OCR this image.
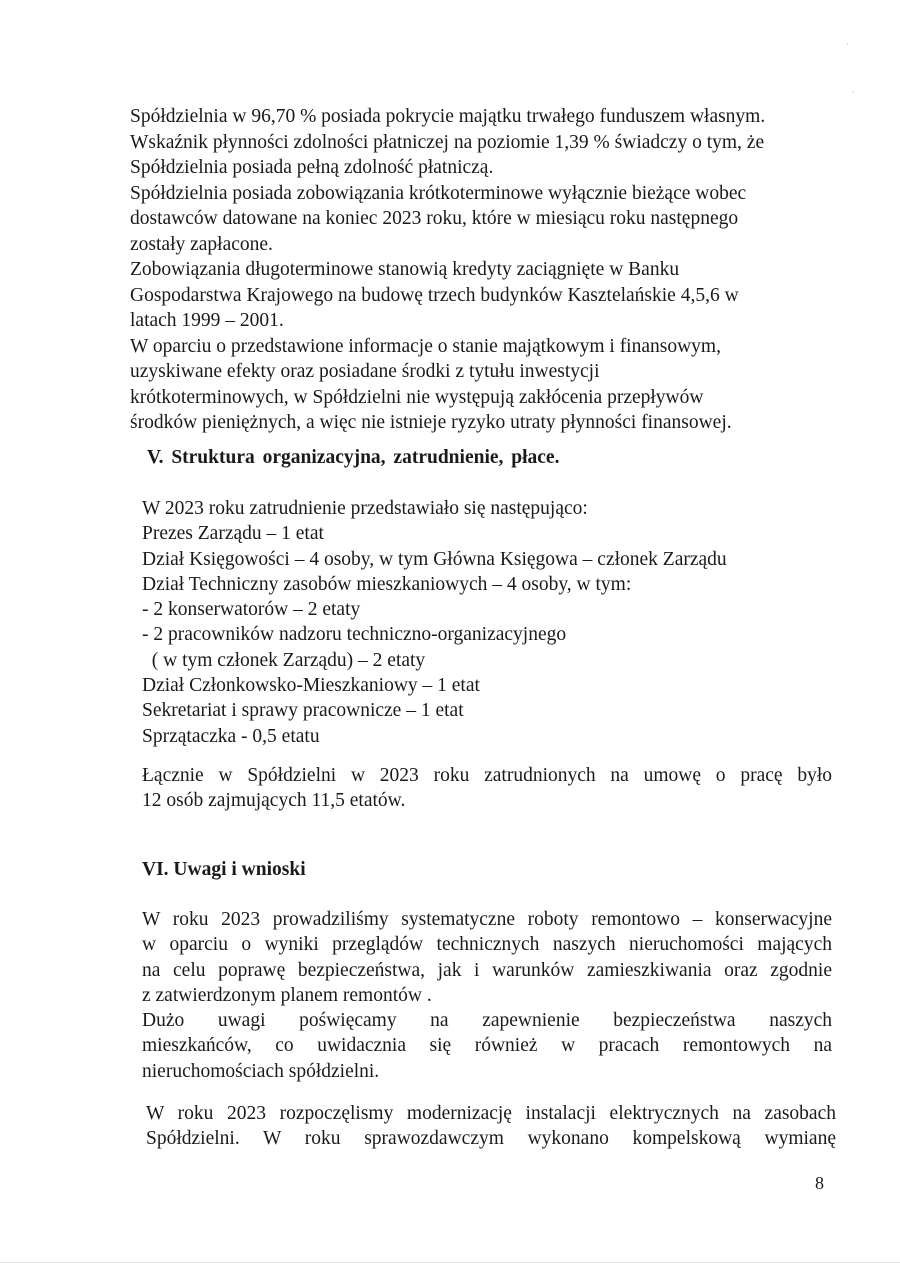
·
·
Spółdzielnia w 96,70 % posiada pokrycie majątku trwałego funduszem własnym.
Wskaźnik płynności zdolności płatniczej na poziomie 1,39 % świadczy o tym, że
Spółdzielnia posiada pełną zdolność płatniczą.
Spółdzielnia posiada zobowiązania krótkoterminowe wyłącznie bieżące wobec
dostawców datowane na koniec 2023 roku, które w miesiącu roku następnego
zostały zapłacone.
Zobowiązania długoterminowe stanowią kredyty zaciągnięte w Banku
Gospodarstwa Krajowego na budowę trzech budynków Kasztelańskie 4,5,6 w
latach 1999 – 2001.
W oparciu o przedstawione informacje o stanie majątkowym i finansowym,
uzyskiwane efekty oraz posiadane środki z tytułu inwestycji
krótkoterminowych, w Spółdzielni nie występują zakłócenia przepływów
środków pieniężnych, a więc nie istnieje ryzyko utraty płynności finansowej.
V. Struktura organizacyjna, zatrudnienie, płace.
W 2023 roku zatrudnienie przedstawiało się następująco:
Prezes Zarządu – 1 etat
Dział Księgowości – 4 osoby, w tym Główna Księgowa – członek Zarządu
Dział Techniczny zasobów mieszkaniowych – 4 osoby, w tym:
- 2 konserwatorów – 2 etaty
- 2 pracowników nadzoru techniczno-organizacyjnego
( w tym członek Zarządu) – 2 etaty
Dział Członkowsko-Mieszkaniowy – 1 etat
Sekretariat i sprawy pracownicze – 1 etat
Sprzątaczka - 0,5 etatu
Łącznie w Spółdzielni w 2023 roku zatrudnionych na umowę o pracę było
12 osób zajmujących 11,5 etatów.
VI. Uwagi i wnioski
W roku 2023 prowadziliśmy systematyczne roboty remontowo – konserwacyjne
w oparciu o wyniki przeglądów technicznych naszych nieruchomości mających
na celu poprawę bezpieczeństwa, jak i warunków zamieszkiwania oraz zgodnie
z zatwierdzonym planem remontów .
Dużo uwagi poświęcamy na zapewnienie bezpieczeństwa naszych
mieszkańców, co uwidacznia się również w pracach remontowych na
nieruchomościach spółdzielni.
W roku 2023 rozpoczęlismy modernizację instalacji elektrycznych na zasobach
Spółdzielni. W roku sprawozdawczym wykonano kompelskową wymianę
8
